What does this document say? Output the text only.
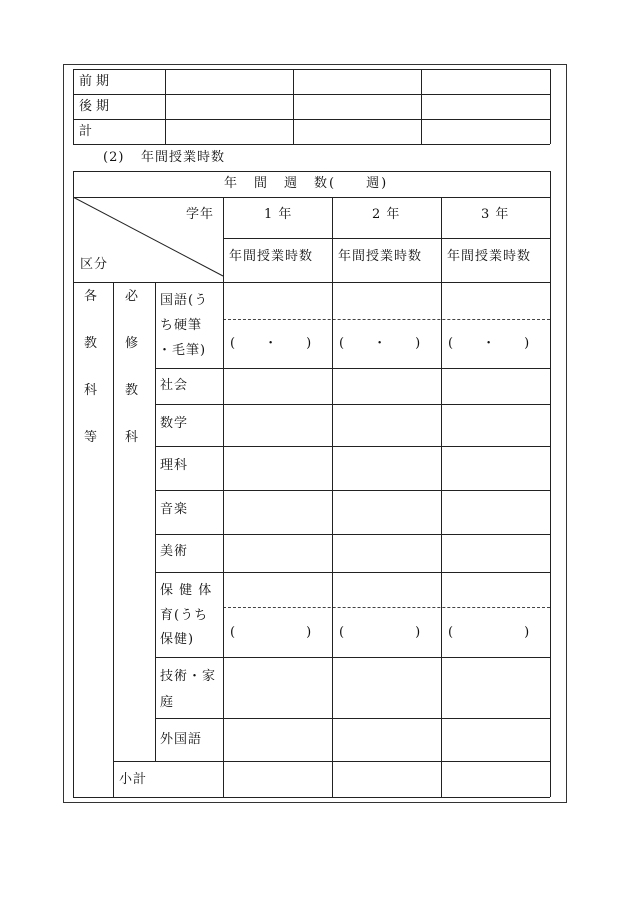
前期
後期
計
(2) 年間授業時数
年　間　週　数(　　週)
学年
区分
1 年	2 年	3 年
年間授業時数 年間授業時数 年間授業時数
各
教
科
等
必
修
教
科
国語(う
ち硬筆
・毛筆)
社会
数学
理科
音楽
美術
保 健 体
育(うち
保健)
技術・家
庭
外国語
小計
(　　・　　) (　　・　　) (　　・　　)
(　　　　　) (　　　　　) (　　　　　)
